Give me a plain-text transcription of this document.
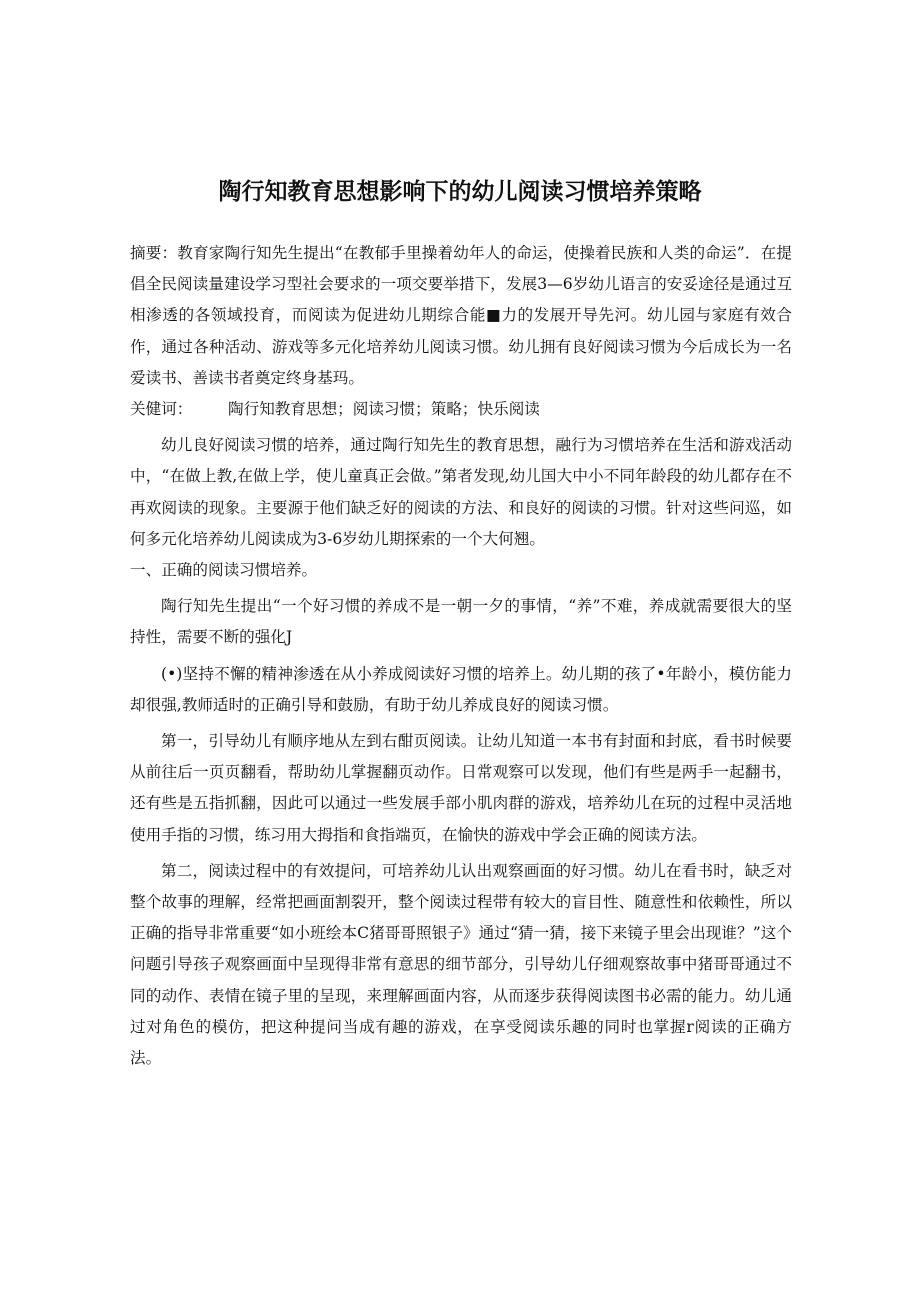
陶行知教育思想影响下的幼儿阅读习惯培养策略

摘要：教育家陶行知先生提出“在教郁手里操着幼年人的命运，使操着民族和人类的命运”．在提倡全民阅读量建设学习型社会要求的一项交要举措下，发展3—6岁幼儿语言的安妥途径是通过互相渗透的各领域投育，而阅读为促进幼儿期综合能■力的发展开导先河。幼儿园与家庭有效合作，通过各种活动、游戏等多元化培养幼儿阅读习惯。幼儿拥有良好阅读习惯为今后成长为一名爱读书、善读书者奠定终身基玛。

关健诃： 陶行知教育思想；阅读习惯；策略；快乐阅读

幼儿良好阅读习惯的培养，通过陶行知先生的教育思想，融行为习惯培养在生活和游戏活动中，“在做上教,在做上学，使儿童真正会做。”第者发现,幼儿国大中小不同年龄段的幼儿都存在不再欢阅读的现象。主要源于他们缺乏好的阅读的方法、和良好的阅读的习惯。针对这些问巡，如何多元化培养幼儿阅读成为3-6岁幼儿期探索的一个大何翘。

一、正确的阅读习惯培养。

陶行知先生提出“一个好习惯的养成不是一朝一夕的事情，“养”不难，养成就需要很大的坚持性，需要不断的强化J

(•)坚持不懈的精神渗透在从小养成阅读好习惯的培养上。幼儿期的孩了•年龄小，模仿能力却很强,教师适时的正确引导和鼓励，有助于幼儿养成良好的阅读习惯。

第一，引导幼儿有顺序地从左到右酣页阅读。让幼儿知道一本书有封面和封底，看书时候要从前往后一页页翻看，帮助幼儿掌握翻页动作。日常观察可以发现，他们有些是两手一起翻书，还有些是五指抓翻，因此可以通过一些发展手部小肌肉群的游戏，培养幼儿在玩的过程中灵活地使用手指的习惯，练习用大拇指和食指端页，在愉快的游戏中学会正确的阅读方法。

第二，阅读过程中的有效提问，可培养幼儿认出观察画面的好习惯。幼儿在看书时，缺乏对整个故事的理解，经常把画面割裂开，整个阅读过程带有较大的盲目性、随意性和依赖性，所以正确的指导非常重要“如小班绘本C猪哥哥照银子》通过“猜一猜，接下来镜子里会出现谁？”这个问题引导孩子观察画面中呈现得非常有意思的细节部分，引导幼儿仔细观察故事中猪哥哥通过不同的动作、表情在镜子里的呈现，来理解画面内容，从而逐步获得阅读图书必需的能力。幼儿通过对角色的模仿，把这种提问当成有趣的游戏，在享受阅读乐趣的同时也掌握r阅读的正确方法。
